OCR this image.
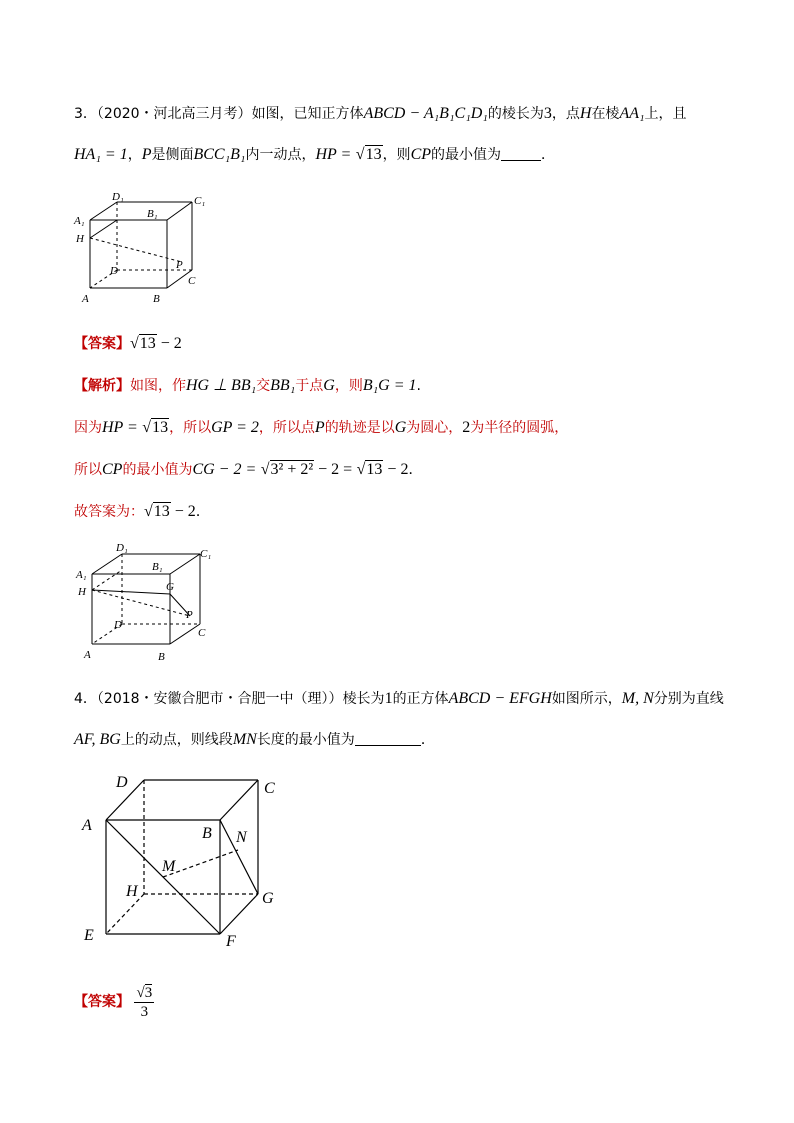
3．（2020・河北高三月考）如图，已知正方体ABCD − A₁B₁C₁D₁的棱长为3，点H在棱AA₁上，且
HA₁ = 1，P是侧面BCC₁B₁内一动点，HP = √13，则CP的最小值为	．
D₁
B₁
C₁
A₁
H
D	P
C
A	B
【答案】√13 − 2
【解析】如图，作HG ⊥ BB₁交BB₁于点G，则B₁G = 1.
因为HP = √13，所以GP = 2，所以点P的轨迹是以G为圆心，2为半径的圆弧，
所以CP的最小值为CG − 2 = √3² + 2² − 2 = √13 − 2．
故答案为：√13 − 2．
D₁
B₁
C₁
A₁
H	G
D
P
C
A	B
4．（2018・安徽合肥市・合肥一中（理））棱长为1的正方体ABCD − EFGH如图所示，M, N分别为直线
AF, BG上的动点，则线段MN长度的最小值为	．
D	C
A	B N
M
H	G
E	F
【答案】 $\frac{√3}{3}$
